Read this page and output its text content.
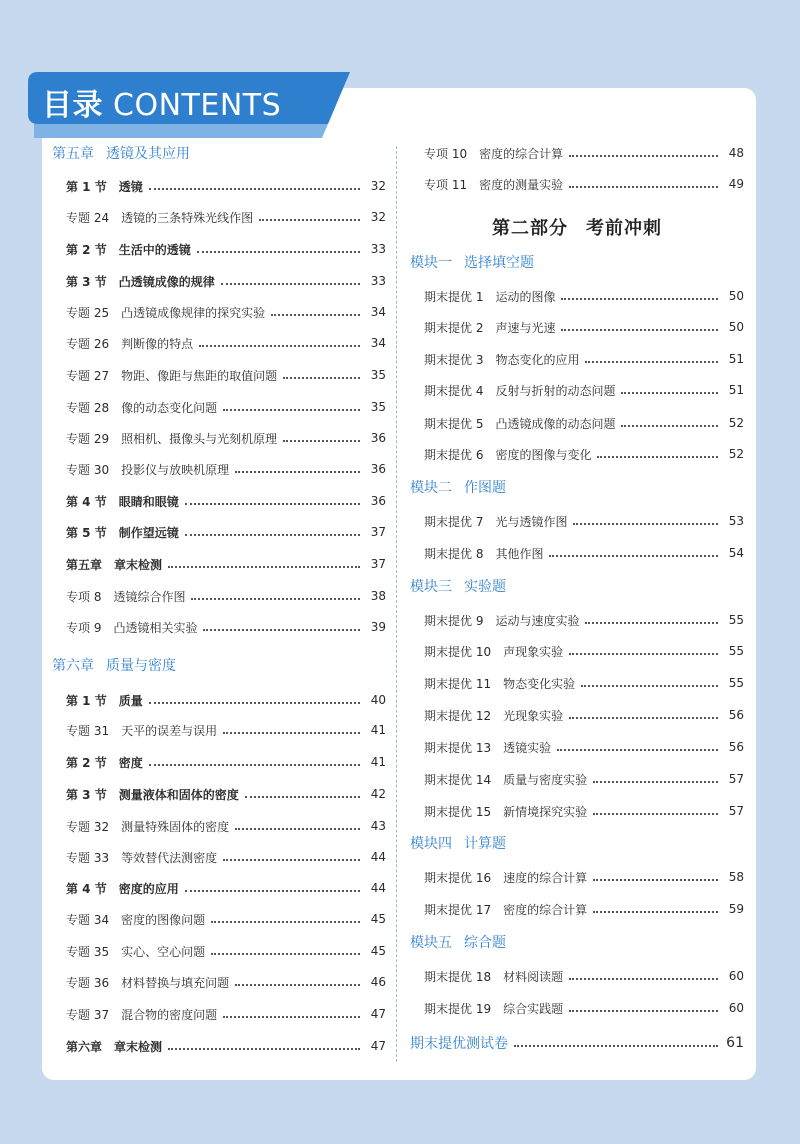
目录 CONTENTS
第五章 透镜及其应用
第 1 节 透镜	32
专题 24 透镜的三条特殊光线作图	32
第 2 节 生活中的透镜	33
第 3 节 凸透镜成像的规律	33
专题 25 凸透镜成像规律的探究实验	34
专题 26 判断像的特点	34
专题 27 物距、像距与焦距的取值问题	35
专题 28 像的动态变化问题	35
专题 29 照相机、摄像头与光刻机原理	36
专题 30 投影仪与放映机原理	36
第 4 节 眼睛和眼镜	36
第 5 节 制作望远镜	37
第五章 章末检测	37
专项 8 透镜综合作图	38
专项 9 凸透镜相关实验	39
第六章 质量与密度
第 1 节 质量	40
专题 31 天平的误差与误用	41
第 2 节 密度	41
第 3 节 测量液体和固体的密度	42
专题 32 测量特殊固体的密度	43
专题 33 等效替代法测密度	44
第 4 节 密度的应用	44
专题 34 密度的图像问题	45
专题 35 实心、空心问题	45
专题 36 材料替换与填充问题	46
专题 37 混合物的密度问题	47
第六章 章末检测	47
专项 10 密度的综合计算	48
专项 11 密度的测量实验	49
第二部分 考前冲刺
模块一 选择填空题
期末提优 1 运动的图像	50
期末提优 2 声速与光速	50
期末提优 3 物态变化的应用	51
期末提优 4 反射与折射的动态问题	51
期末提优 5 凸透镜成像的动态问题	52
期末提优 6 密度的图像与变化	52
模块二 作图题
期末提优 7 光与透镜作图	53
期末提优 8 其他作图	54
模块三 实验题
期末提优 9 运动与速度实验	55
期末提优 10 声现象实验	55
期末提优 11 物态变化实验	55
期末提优 12 光现象实验	56
期末提优 13 透镜实验	56
期末提优 14 质量与密度实验	57
期末提优 15 新情境探究实验	57
模块四 计算题
期末提优 16 速度的综合计算	58
期末提优 17 密度的综合计算	59
模块五 综合题
期末提优 18 材料阅读题	60
期末提优 19 综合实践题	60
期末提优测试卷	61
